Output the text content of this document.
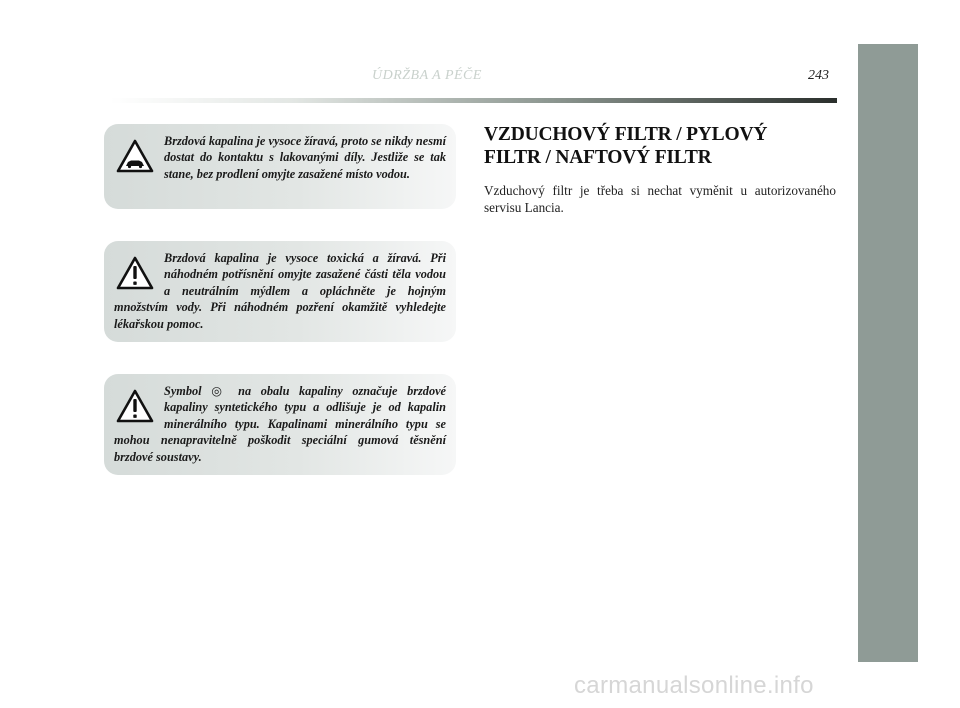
ÚDRŽBA A PÉČE	243
Brzdová kapalina je vysoce žíravá, proto se nikdy nesmí dostat do kontaktu s lakovanými díly. Jestliže se tak stane, bez prodlení omyjte zasažené místo vodou.
Brzdová kapalina je vysoce toxická a žíravá. Při náhodném potřísnění omyjte zasažené části těla vodou a neutrálním mýdlem a opláchněte je hojným množstvím vody. Při náhodném pozření okamžitě vyhledejte lékařskou pomoc.
Symbol ◎ na obalu kapaliny označuje brzdové kapaliny syntetického typu a odlišuje je od kapalin minerálního typu. Kapalinami minerálního typu se mohou nenapravitelně poškodit speciální gumová těsnění brzdové soustavy.
VZDUCHOVÝ FILTR / PYLOVÝ FILTR / NAFTOVÝ FILTR

Vzduchový filtr je třeba si nechat vyměnit u autorizovaného servisu Lancia.

carmanualsonline.info
